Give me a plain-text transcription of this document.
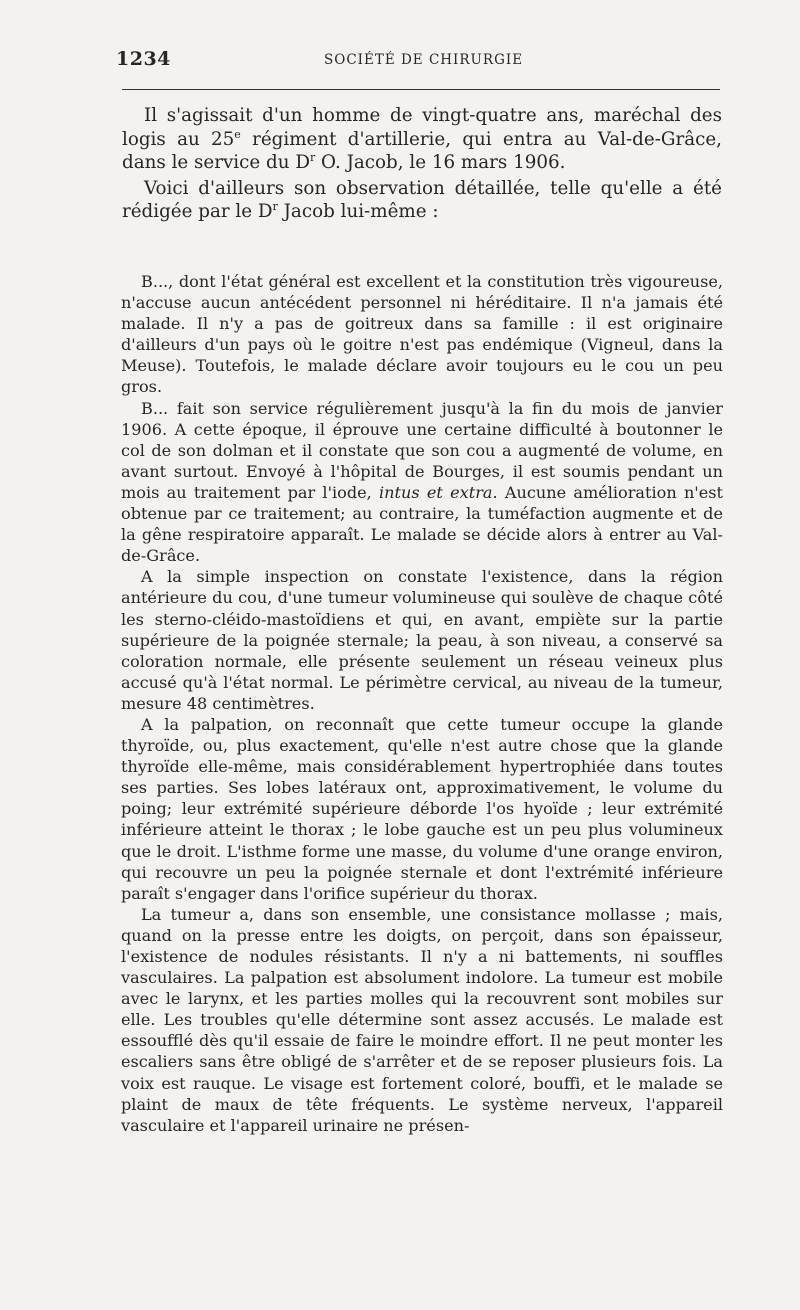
1234	SOCIÉTÉ DE CHIRURGIE

Il s'agissait d'un homme de vingt-quatre ans, maréchal des logis au 25e régiment d'artillerie, qui entra au Val-de-Grâce, dans le service du $D^r$ O. Jacob, le 16 mars 1906.

Voici d'ailleurs son observation détaillée, telle qu'elle a été rédigée par le $D^r$ Jacob lui-même :

B..., dont l'état général est excellent et la constitution très vigoureuse, n'accuse aucun antécédent personnel ni héréditaire. Il n'a jamais été malade. Il n'y a pas de goitreux dans sa famille : il est originaire d'ailleurs d'un pays où le goitre n'est pas endémique (Vigneul, dans la Meuse). Toutefois, le malade déclare avoir toujours eu le cou un peu gros.

B... fait son service régulièrement jusqu'à la fin du mois de janvier 1906. A cette époque, il éprouve une certaine difficulté à boutonner le col de son dolman et il constate que son cou a augmenté de volume, en avant surtout. Envoyé à l'hôpital de Bourges, il est soumis pendant un mois au traitement par l'iode, intus et extra. Aucune amélioration n'est obtenue par ce traitement; au contraire, la tuméfaction augmente et de la gêne respiratoire apparaît. Le malade se décide alors à entrer au Val-de-Grâce.

A la simple inspection on constate l'existence, dans la région antérieure du cou, d'une tumeur volumineuse qui soulève de chaque côté les sterno-cléido-mastoïdiens et qui, en avant, empiète sur la partie supérieure de la poignée sternale; la peau, à son niveau, a conservé sa coloration normale, elle présente seulement un réseau veineux plus accusé qu'à l'état normal. Le périmètre cervical, au niveau de la tumeur, mesure 48 centimètres.

A la palpation, on reconnaît que cette tumeur occupe la glande thyroïde, ou, plus exactement, qu'elle n'est autre chose que la glande thyroïde elle-même, mais considérablement hypertrophiée dans toutes ses parties. Ses lobes latéraux ont, approximativement, le volume du poing; leur extrémité supérieure déborde l'os hyoïde ; leur extrémité inférieure atteint le thorax ; le lobe gauche est un peu plus volumineux que le droit. L'isthme forme une masse, du volume d'une orange environ, qui recouvre un peu la poignée sternale et dont l'extrémité inférieure paraît s'engager dans l'orifice supérieur du thorax.

La tumeur a, dans son ensemble, une consistance mollasse ; mais, quand on la presse entre les doigts, on perçoit, dans son épaisseur, l'existence de nodules résistants. Il n'y a ni battements, ni souffles vasculaires. La palpation est absolument indolore. La tumeur est mobile avec le larynx, et les parties molles qui la recouvrent sont mobiles sur elle. Les troubles qu'elle détermine sont assez accusés. Le malade est essoufflé dès qu'il essaie de faire le moindre effort. Il ne peut monter les escaliers sans être obligé de s'arrêter et de se reposer plusieurs fois. La voix est rauque. Le visage est fortement coloré, bouffi, et le malade se plaint de maux de tête fréquents. Le système nerveux, l'appareil vasculaire et l'appareil urinaire ne présen-
